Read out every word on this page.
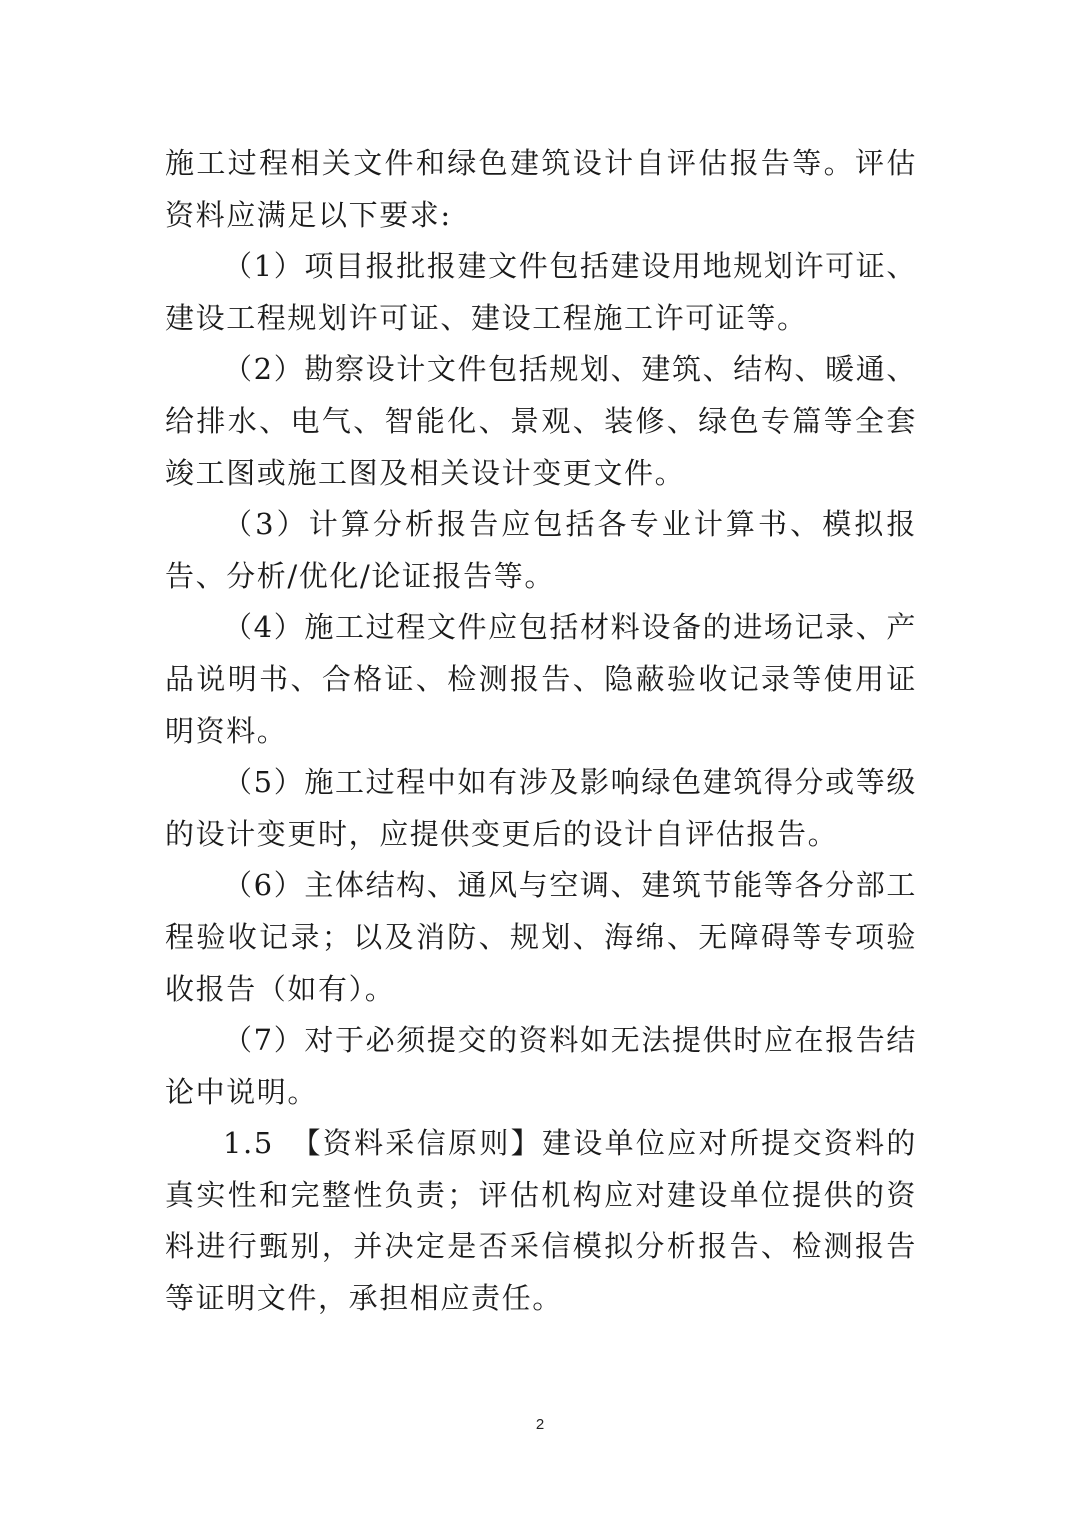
施工过程相关文件和绿色建筑设计自评估报告等。评估资料应满足以下要求:

（1）项目报批报建文件包括建设用地规划许可证、建设工程规划许可证、建设工程施工许可证等。

（2）勘察设计文件包括规划、建筑、结构、暖通、给排水、电气、智能化、景观、装修、绿色专篇等全套竣工图或施工图及相关设计变更文件。

（3）计算分析报告应包括各专业计算书、模拟报告、分析/优化/论证报告等。

（4）施工过程文件应包括材料设备的进场记录、产品说明书、合格证、检测报告、隐蔽验收记录等使用证明资料。

（5）施工过程中如有涉及影响绿色建筑得分或等级的设计变更时，应提供变更后的设计自评估报告。

（6）主体结构、通风与空调、建筑节能等各分部工程验收记录；以及消防、规划、海绵、无障碍等专项验收报告（如有）。

（7）对于必须提交的资料如无法提供时应在报告结论中说明。

1.5　【资料采信原则】建设单位应对所提交资料的真实性和完整性负责；评估机构应对建设单位提供的资料进行甄别，并决定是否采信模拟分析报告、检测报告等证明文件，承担相应责任。

2
